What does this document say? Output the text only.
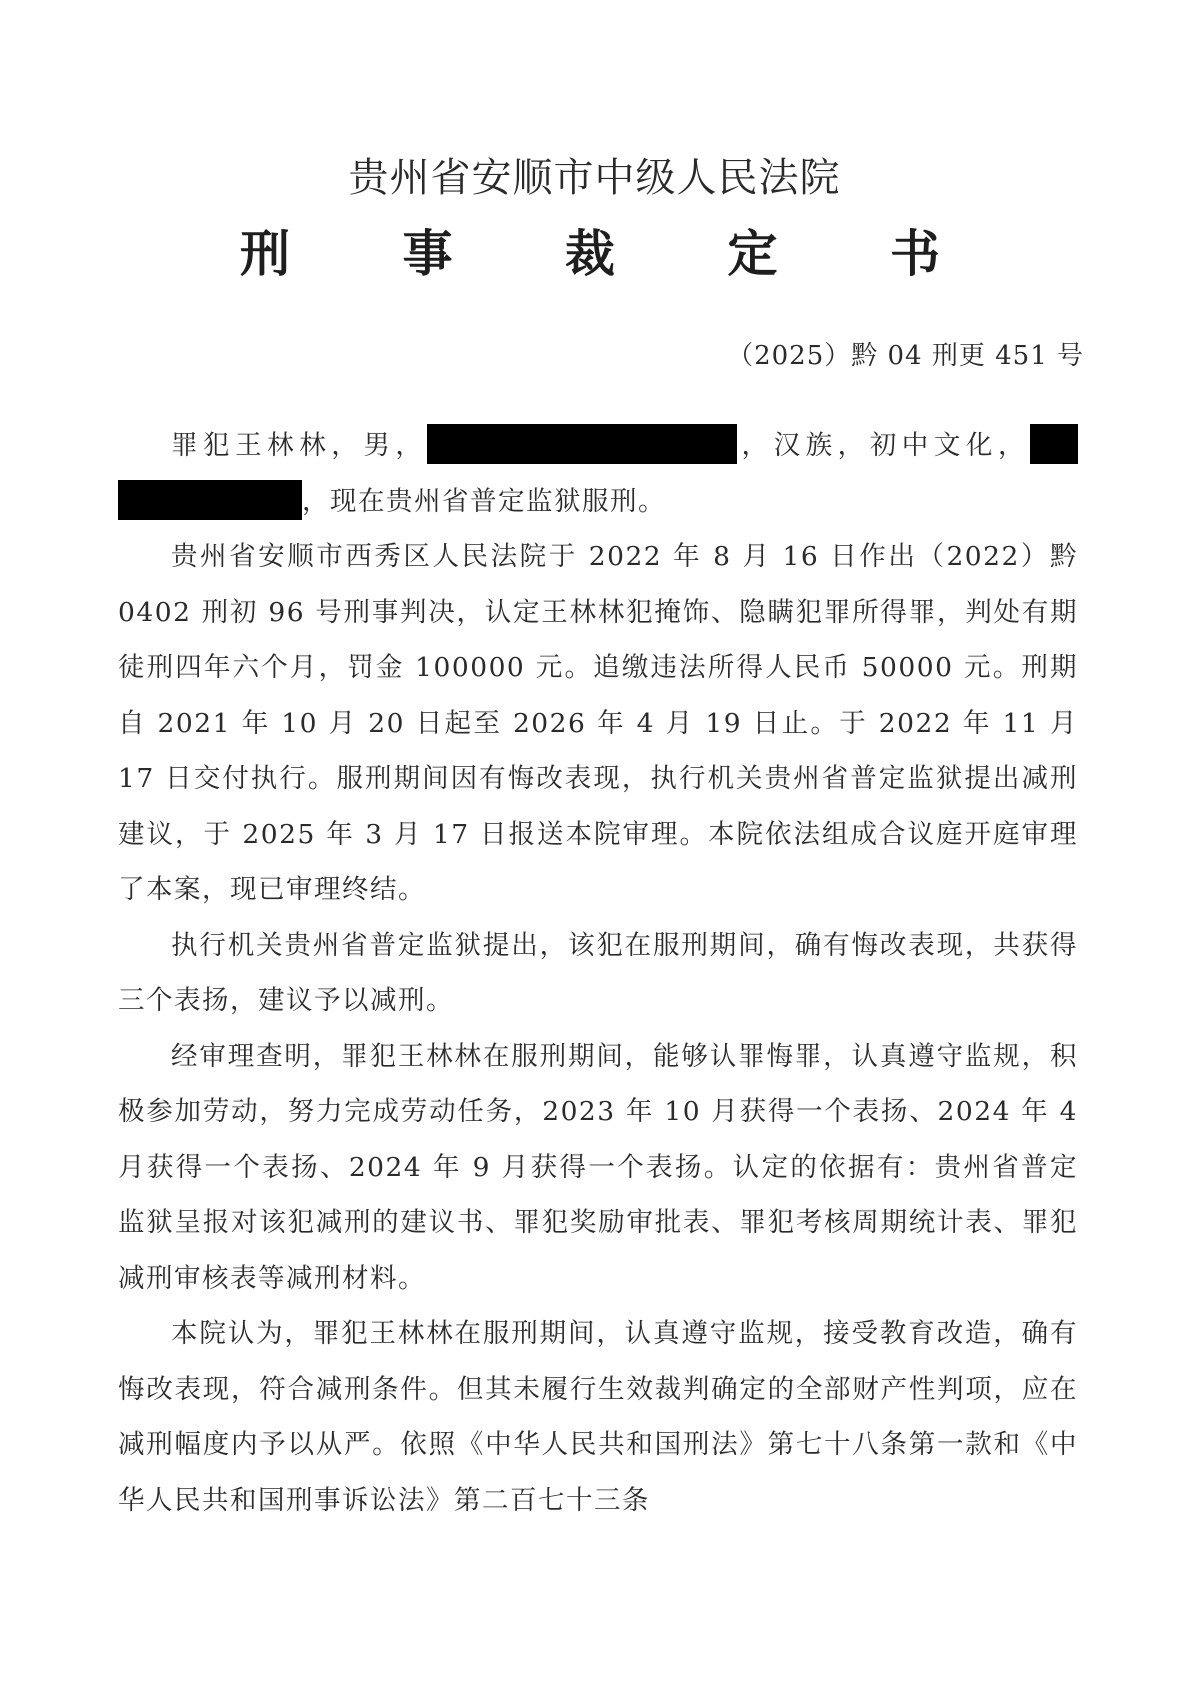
贵州省安顺市中级人民法院
刑 事 裁 定 书
（2025）黔 04 刑更 451 号

罪犯王林林，男，	，汉族，初中文化，，现在贵州省普定监狱服刑。

贵州省安顺市西秀区人民法院于 2022 年 8 月 16 日作出（2022）黔 0402 刑初 96 号刑事判决，认定王林林犯掩饰、隐瞒犯罪所得罪，判处有期徒刑四年六个月，罚金 100000 元。追缴违法所得人民币 50000 元。刑期自 2021 年 10 月 20 日起至 2026 年 4 月 19 日止。于 2022 年 11 月 17 日交付执行。服刑期间因有悔改表现，执行机关贵州省普定监狱提出减刑建议，于 2025 年 3 月 17 日报送本院审理。本院依法组成合议庭开庭审理了本案，现已审理终结。

执行机关贵州省普定监狱提出，该犯在服刑期间，确有悔改表现，共获得三个表扬，建议予以减刑。

经审理查明，罪犯王林林在服刑期间，能够认罪悔罪，认真遵守监规，积极参加劳动，努力完成劳动任务，2023 年 10 月获得一个表扬、2024 年 4 月获得一个表扬、2024 年 9 月获得一个表扬。认定的依据有：贵州省普定监狱呈报对该犯减刑的建议书、罪犯奖励审批表、罪犯考核周期统计表、罪犯减刑审核表等减刑材料。

本院认为，罪犯王林林在服刑期间，认真遵守监规，接受教育改造，确有悔改表现，符合减刑条件。但其未履行生效裁判确定的全部财产性判项，应在减刑幅度内予以从严。依照《中华人民共和国刑法》第七十八条第一款和《中华人民共和国刑事诉讼法》第二百七十三条
